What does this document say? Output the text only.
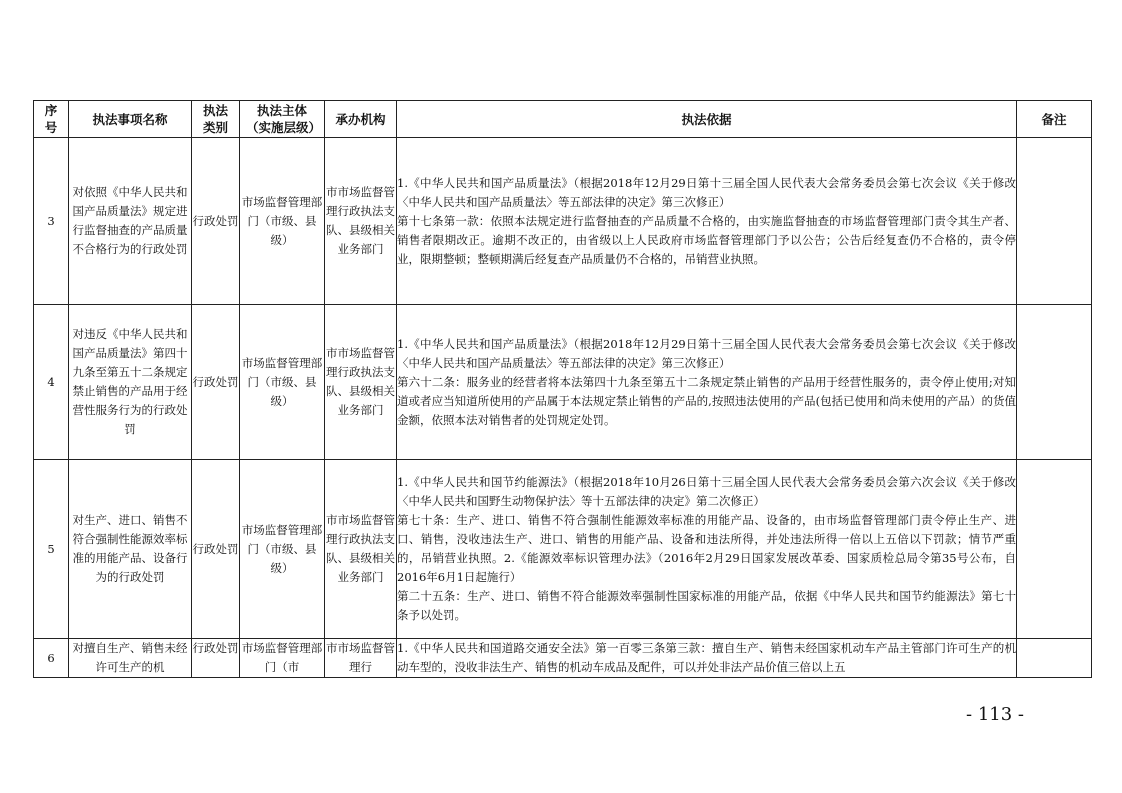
序号	执法事项名称	执法类别	执法主体（实施层级）	承办机构	执法依据	备注
3	对依照《中华人民共和国产品质量法》规定进行监督抽查的产品质量不合格行为的行政处罚	行政处罚	市场监督管理部门（市级、县级）	市市场监督管理行政执法支队、县级相关业务部门	1.《中华人民共和国产品质量法》（根据2018年12月29日第十三届全国人民代表大会常务委员会第七次会议《关于修改〈中华人民共和国产品质量法〉等五部法律的决定》第三次修正）
第十七条第一款：依照本法规定进行监督抽查的产品质量不合格的，由实施监督抽查的市场监督管理部门责令其生产者、销售者限期改正。逾期不改正的，由省级以上人民政府市场监督管理部门予以公告；公告后经复查仍不合格的，责令停业，限期整顿；整顿期满后经复查产品质量仍不合格的，吊销营业执照。	

4	对违反《中华人民共和国产品质量法》第四十九条至第五十二条规定禁止销售的产品用于经营性服务行为的行政处罚	行政处罚	市场监督管理部门（市级、县级）	市市场监督管理行政执法支队、县级相关业务部门	1.《中华人民共和国产品质量法》（根据2018年12月29日第十三届全国人民代表大会常务委员会第七次会议《关于修改〈中华人民共和国产品质量法〉等五部法律的决定》第三次修正）
第六十二条：服务业的经营者将本法第四十九条至第五十二条规定禁止销售的产品用于经营性服务的，责令停止使用;对知道或者应当知道所使用的产品属于本法规定禁止销售的产品的,按照违法使用的产品(包括已使用和尚未使用的产品）的货值金额，依照本法对销售者的处罚规定处罚。	

5	对生产、进口、销售不符合强制性能源效率标准的用能产品、设备行为的行政处罚	行政处罚	市场监督管理部门（市级、县级）	市市场监督管理行政执法支队、县级相关业务部门	1.《中华人民共和国节约能源法》（根据2018年10月26日第十三届全国人民代表大会常务委员会第六次会议《关于修改〈中华人民共和国野生动物保护法〉等十五部法律的决定》第二次修正）
第七十条：生产、进口、销售不符合强制性能源效率标准的用能产品、设备的，由市场监督管理部门责令停止生产、进口、销售，没收违法生产、进口、销售的用能产品、设备和违法所得，并处违法所得一倍以上五倍以下罚款；情节严重的，吊销营业执照。2.《能源效率标识管理办法》（2016年2月29日国家发展改革委、国家质检总局令第35号公布，自2016年6月1日起施行）
第二十五条：生产、进口、销售不符合能源效率强制性国家标准的用能产品，依据《中华人民共和国节约能源法》第七十条予以处罚。	

6	对擅自生产、销售未经许可生产的机	行政处罚	市场监督管理部门（市	市市场监督管理行	1.《中华人民共和国道路交通安全法》第一百零三条第三款：擅自生产、销售未经国家机动车产品主管部门许可生产的机动车型的，没收非法生产、销售的机动车成品及配件，可以并处非法产品价值三倍以上五	

- 113 -
